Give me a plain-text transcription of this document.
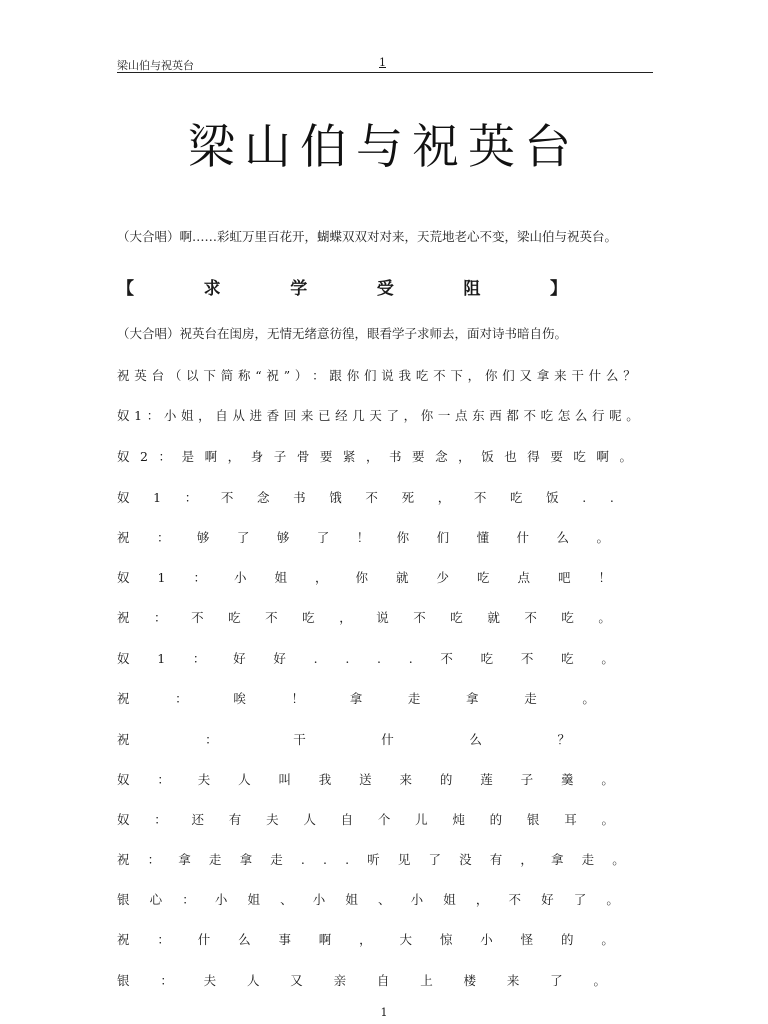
梁山伯与祝英台	1
梁山伯与祝英台
（大合唱）啊……彩虹万里百花开，蝴蝶双双对对来，天荒地老心不变，梁山伯与祝英台。
【	求	学	受	阻	】
（大合唱）祝英台在闺房，无情无绪意彷徨，眼看学子求师去，面对诗书暗自伤。
祝 英 台 （ 以 下 简 称 “ 祝 ” ） ： 跟 你 们 说 我 吃 不 下 ， 你 们 又 拿 来 干 什 么 ？
奴 1 ： 小 姐 ， 自 从 进 香 回 来 已 经 几 天 了 ， 你 一 点 东 西 都 不 吃 怎 么 行 呢 。
奴 2 ： 是 啊 ， 身 子 骨 要 紧 ， 书 要 念 ， 饭 也 得 要 吃 啊 。
奴 1 ： 不 念 书 饿 不 死 ， 不 吃 饭 . .
祝 ： 够 了 够 了 ！ 你 们 懂 什 么 。
奴 1 ： 小 姐 ， 你 就 少 吃 点 吧 ！
祝 ： 不 吃 不 吃 ， 说 不 吃 就 不 吃 。
奴 1 ： 好 好 . . . . 不 吃 不 吃 。
祝	：	唉	！	拿	走	拿	走	。
祝	：	干	什	么	？
奴 ： 夫 人 叫 我 送 来 的 莲 子 羹 。
奴 ： 还 有 夫 人 自 个 儿 炖 的 银 耳 。
祝 ： 拿 走 拿 走 . . . 听 见 了 没 有 ， 拿 走 。
银 心 ： 小 姐 、 小 姐 、 小 姐 ， 不 好 了 。
祝 ： 什 么 事 啊 ， 大 惊 小 怪 的 。
银 ： 夫 人 又 亲 自 上 楼 来 了 。
1
